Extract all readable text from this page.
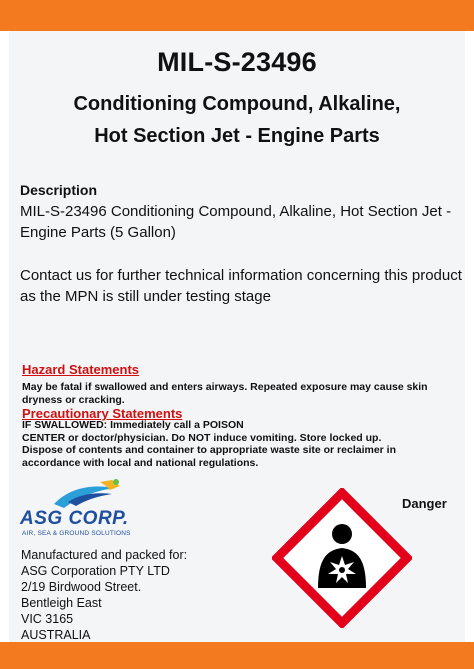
MIL-S-23496
Conditioning Compound, Alkaline,
Hot Section Jet - Engine Parts
Description
MIL-S-23496 Conditioning Compound, Alkaline, Hot Section Jet - Engine Parts (5 Gallon)
Contact us for further technical information concerning this product as the MPN is still under testing stage
Hazard Statements
May be fatal if swallowed and enters airways. Repeated exposure may cause skin dryness or cracking.
Precautionary Statements
IF SWALLOWED: Immediately call a POISON
CENTER or doctor/physician. Do NOT induce vomiting. Store locked up.
Dispose of contents and container to appropriate waste site or reclaimer in accordance with local and national regulations.
ASG CORP.
AIR, SEA & GROUND SOLUTIONS
Manufactured and packed for:
ASG Corporation PTY LTD
2/19 Birdwood Street.
Bentleigh East
VIC 3165
AUSTRALIA
Danger
